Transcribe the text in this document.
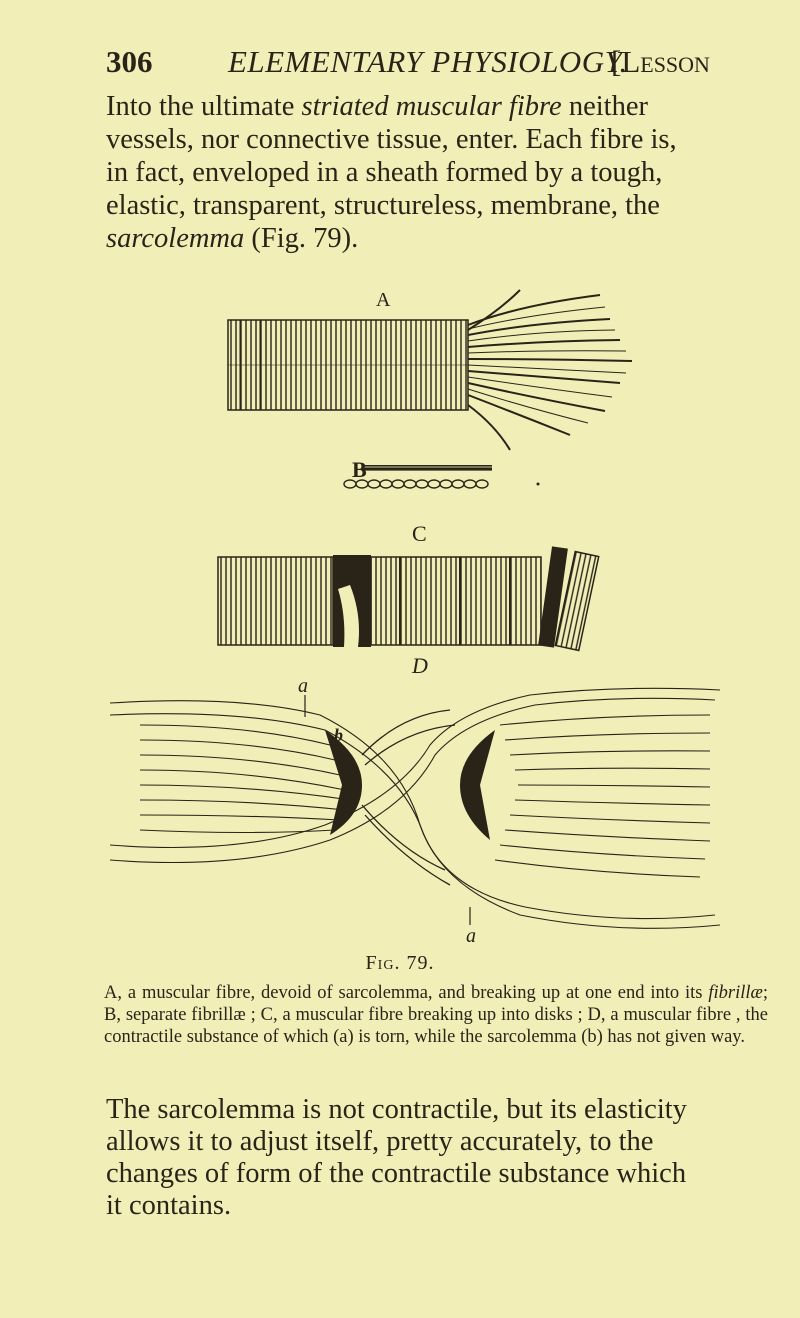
306 ELEMENTARY PHYSIOLOGY.
[Lesson
Into the ultimate striated muscular fibre neither
vessels, nor connective tissue, enter. Each fibre is,
in fact, enveloped in a sheath formed by a tough,
elastic, transparent, structureless, membrane, the
sarcolemma (Fig. 79).
A
B
C
D
a
b
a
Fig. 79.
A, a muscular fibre, devoid of sarcolemma, and breaking up at one end into its fibrillæ; B, separate fibrillæ ; C, a muscular fibre breaking up into disks ; D, a muscular fibre , the contractile substance of which (a) is torn, while the sarcolemma (b) has not given way.
The sarcolemma is not contractile, but its elasticity
allows it to adjust itself, pretty accurately, to the
changes of form of the contractile substance which
it contains.
